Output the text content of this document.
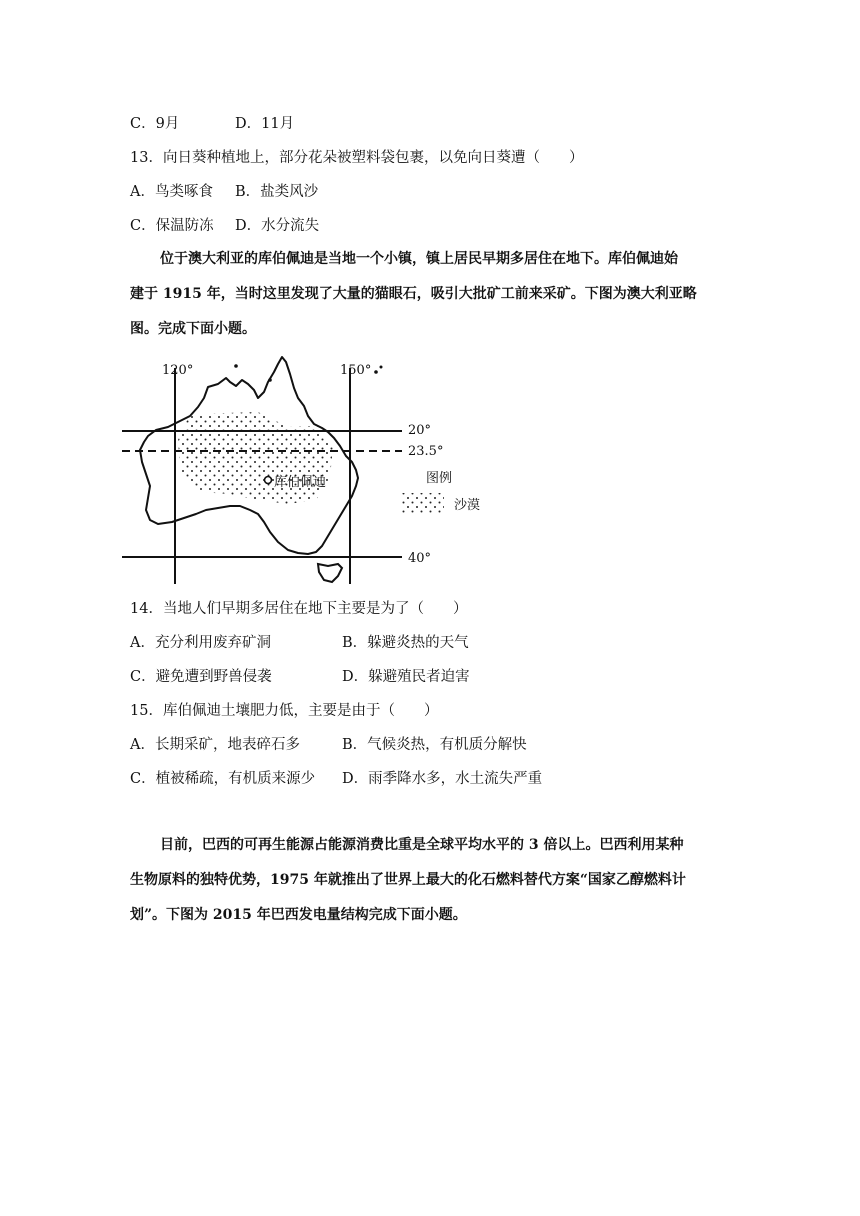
C．9月	D．11月
13．向日葵种植地上，部分花朵被塑料袋包裹，以免向日葵遭（　　）
A．鸟类啄食 B．盐类风沙
C．保温防冻 D．水分流失
位于澳大利亚的库伯佩迪是当地一个小镇，镇上居民早期多居住在地下。库伯佩迪始
建于 1915 年，当时这里发现了大量的猫眼石，吸引大批矿工前来采矿。下图为澳大利亚略
图。完成下面小题。
120°	150°
20°
23.5°
40°
库伯佩迪	图例
沙漠
14．当地人们早期多居住在地下主要是为了（　　）
A．充分利用废弃矿洞	B．躲避炎热的天气
C．避免遭到野兽侵袭	D．躲避殖民者迫害
15．库伯佩迪土壤肥力低，主要是由于（　　）
A．长期采矿，地表碎石多	B．气候炎热，有机质分解快
C．植被稀疏，有机质来源少 D．雨季降水多，水土流失严重
目前，巴西的可再生能源占能源消费比重是全球平均水平的 3 倍以上。巴西利用某种
生物原料的独特优势，1975 年就推出了世界上最大的化石燃料替代方案“国家乙醇燃料计
划”。下图为 2015 年巴西发电量结构完成下面小题。
